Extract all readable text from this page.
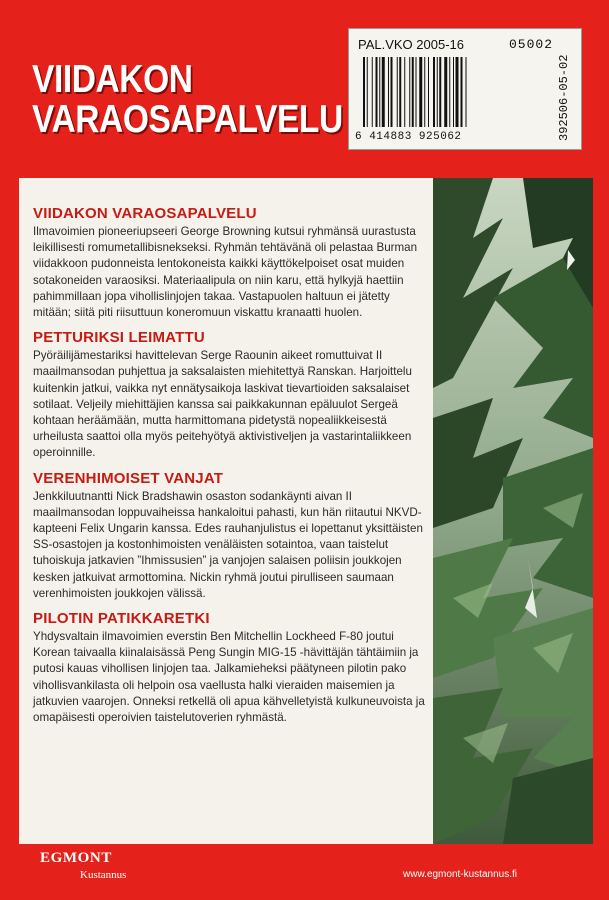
VIIDAKON
VARAOSAPALVELU
PAL.VKO 2005-16	05002
6 414883 925062	392506-05-02
VIIDAKON VARAOSAPALVELU

Ilmavoimien pioneeriupseeri George Browning kutsui ryhmänsä uurastusta leikillisesti romumetallibisnekseksi. Ryhmän tehtävänä oli pelastaa Burman viidakkoon pudonneista lentokoneista kaikki käyttökelpoiset osat muiden sotakoneiden varaosiksi. Materiaalipula on niin karu, että hylkyjä haettiin pahimmillaan jopa vihollislinjojen takaa. Vastapuolen haltuun ei jätetty mitään; siitä piti riisuttuun koneromuun viskattu kranaatti huolen.

PETTURIKSI LEIMATTU

Pyöräilijämestariksi havittelevan Serge Raounin aikeet romuttuivat II maailmansodan puhjettua ja saksalaisten miehitettyä Ranskan. Harjoittelu kuitenkin jatkui, vaikka nyt ennätysaikoja laskivat tievartioiden saksalaiset sotilaat. Veljeily miehittäjien kanssa sai paikkakunnan epäluulot Sergeä kohtaan heräämään, mutta harmittomana pidetystä nopealiikkeisestä urheilusta saattoi olla myös peitehyötyä aktivistiveljen ja vastarintaliikkeen operoinnille.

VERENHIMOISET VANJAT

Jenkkiluutnantti Nick Bradshawin osaston sodankäynti aivan II maailmansodan loppuvaiheissa hankaloitui pahasti, kun hän riitautui NKVD-kapteeni Felix Ungarin kanssa. Edes rauhanjulistus ei lopettanut yksittäisten SS-osastojen ja kostonhimoisten venäläisten sotaintoa, vaan taistelut tuhoiskuja jatkavien ”Ihmissusien” ja vanjojen salaisen poliisin joukkojen kesken jatkuivat armottomina. Nickin ryhmä joutui pirulliseen saumaan verenhimoisten joukkojen välissä.

PILOTIN PATIKKARETKI

Yhdysvaltain ilmavoimien everstin Ben Mitchellin Lockheed F-80 joutui Korean taivaalla kiinalaisässä Peng Sungin MIG-15 -hävittäjän tähtäimiin ja putosi kauas vihollisen linjojen taa. Jalkamieheksi päätyneen pilotin pako vihollisvankilasta oli helpoin osa vaellusta halki vieraiden maisemien ja jatkuvien vaarojen. Onneksi retkellä oli apua kähvelletyistä kulkuneuvoista ja omapäisesti operoivien taistelutoverien ryhmästä.

EGMONT
Kustannus	www.egmont-kustannus.fi
